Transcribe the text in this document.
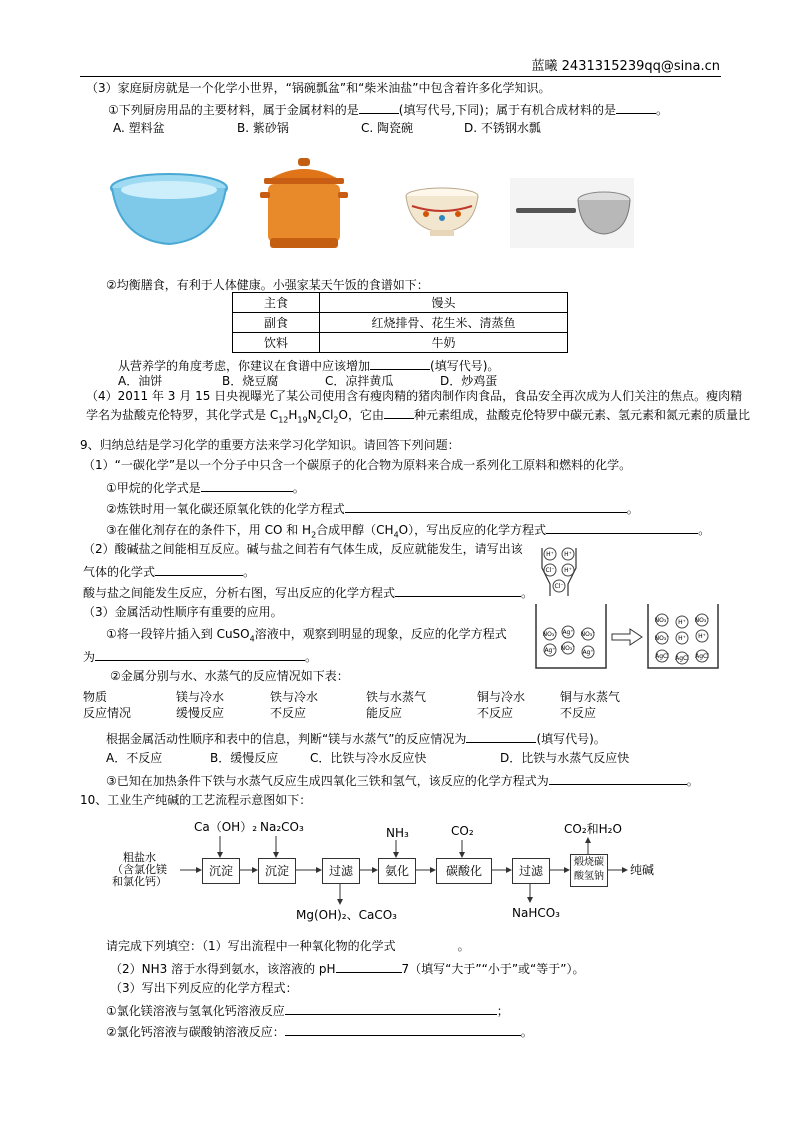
蓝曦 2431315239qq@sina.cn
（3）家庭厨房就是一个化学小世界，“锅碗瓢盆”和“柴米油盐”中包含着许多化学知识。
①下列厨房用品的主要材料，属于金属材料的是	(填写代号,下同)；属于有机合成材料的是	。
A. 塑料盆	B. 紫砂锅	C. 陶瓷碗	D. 不锈钢水瓢
②均衡膳食，有利于人体健康。小强家某天午饭的食谱如下：
主食	馒头
副食	红烧排骨、花生米、清蒸鱼
饮料	牛奶
从营养学的角度考虑，你建议在食谱中应该增加	(填写代号)。
A．油饼	B．烧豆腐	C．凉拌黄瓜	D．炒鸡蛋
（4）2011 年 3 月 15 日央视曝光了某公司使用含有瘦肉精的猪肉制作肉食品，食品安全再次成为人们关注的焦点。瘦肉精
学名为盐酸克伦特罗，其化学式是 $C_{12}H_{19}N_2Cl_2O$，它由	种元素组成，盐酸克伦特罗中碳元素、氢元素和氮元素的质量比
9、归纳总结是学习化学的重要方法来学习化学知识。请回答下列问题：
（1）“一碳化学”是以一个分子中只含一个碳原子的化合物为原料来合成一系列化工原料和燃料的化学。
①甲烷的化学式是	。
②炼铁时用一氧化碳还原氧化铁的化学方程式	。
③在催化剂存在的条件下，用 CO 和 $H_2$合成甲醇$(CH_4O)$，写出反应的化学方程式	。
（2）酸碱盐之间能相互反应。碱与盐之间若有气体生成，反应就能发生，请写出该
气体的化学式	。
酸与盐之间能发生反应，分析右图，写出反应的化学方程式	。
（3）金属活动性顺序有重要的应用。
①将一段锌片插入到 CuSO$_4$溶液中，观察到明显的现象，反应的化学方程式
为	。
②金属分别与水、水蒸气的反应情况如下表：
H⁺ H⁺
Cl⁻ H⁺
Cl⁻
NO₃⁻ Ag⁺ NO₃⁻
Ag⁺ NO₃⁻
Ag⁺
NO₃⁻ H⁺ NO₃⁻
NO₃⁻ H⁺ H⁺
AgCl AgCl AgCl
物质	镁与冷水	铁与冷水	铁与水蒸气	铜与冷水	铜与水蒸气
反应情况	缓慢反应	不反应	能反应	不反应	不反应
根据金属活动性顺序和表中的信息，判断“镁与水蒸气”的反应情况为	(填写代号)。
A．不反应	B．缓慢反应	C．比铁与冷水反应快	D．比铁与水蒸气反应快
③已知在加热条件下铁与水蒸气反应生成四氧化三铁和氢气，该反应的化学方程式为	。
10、工业生产纯碱的工艺流程示意图如下：
粗盐水
（含氯化镁
和氯化钙）
Ca（OH）₂ Na₂CO₃	NH₃	CO₂	CO₂和H₂O
沉淀	沉淀	过滤	氨化	碳酸化	过滤
煅烧碳酸氢钠	纯碱
Mg(OH)₂、CaCO₃	NaHCO₃
请完成下列填空：（1）写出流程中一种氧化物的化学式	。
（2）NH3 溶于水得到氨水，该溶液的 pH	7（填写“大于”“小于”或“等于”）。
（3）写出下列反应的化学方程式：
①氯化镁溶液与氢氧化钙溶液反应	；
②氯化钙溶液与碳酸钠溶液反应：	。
